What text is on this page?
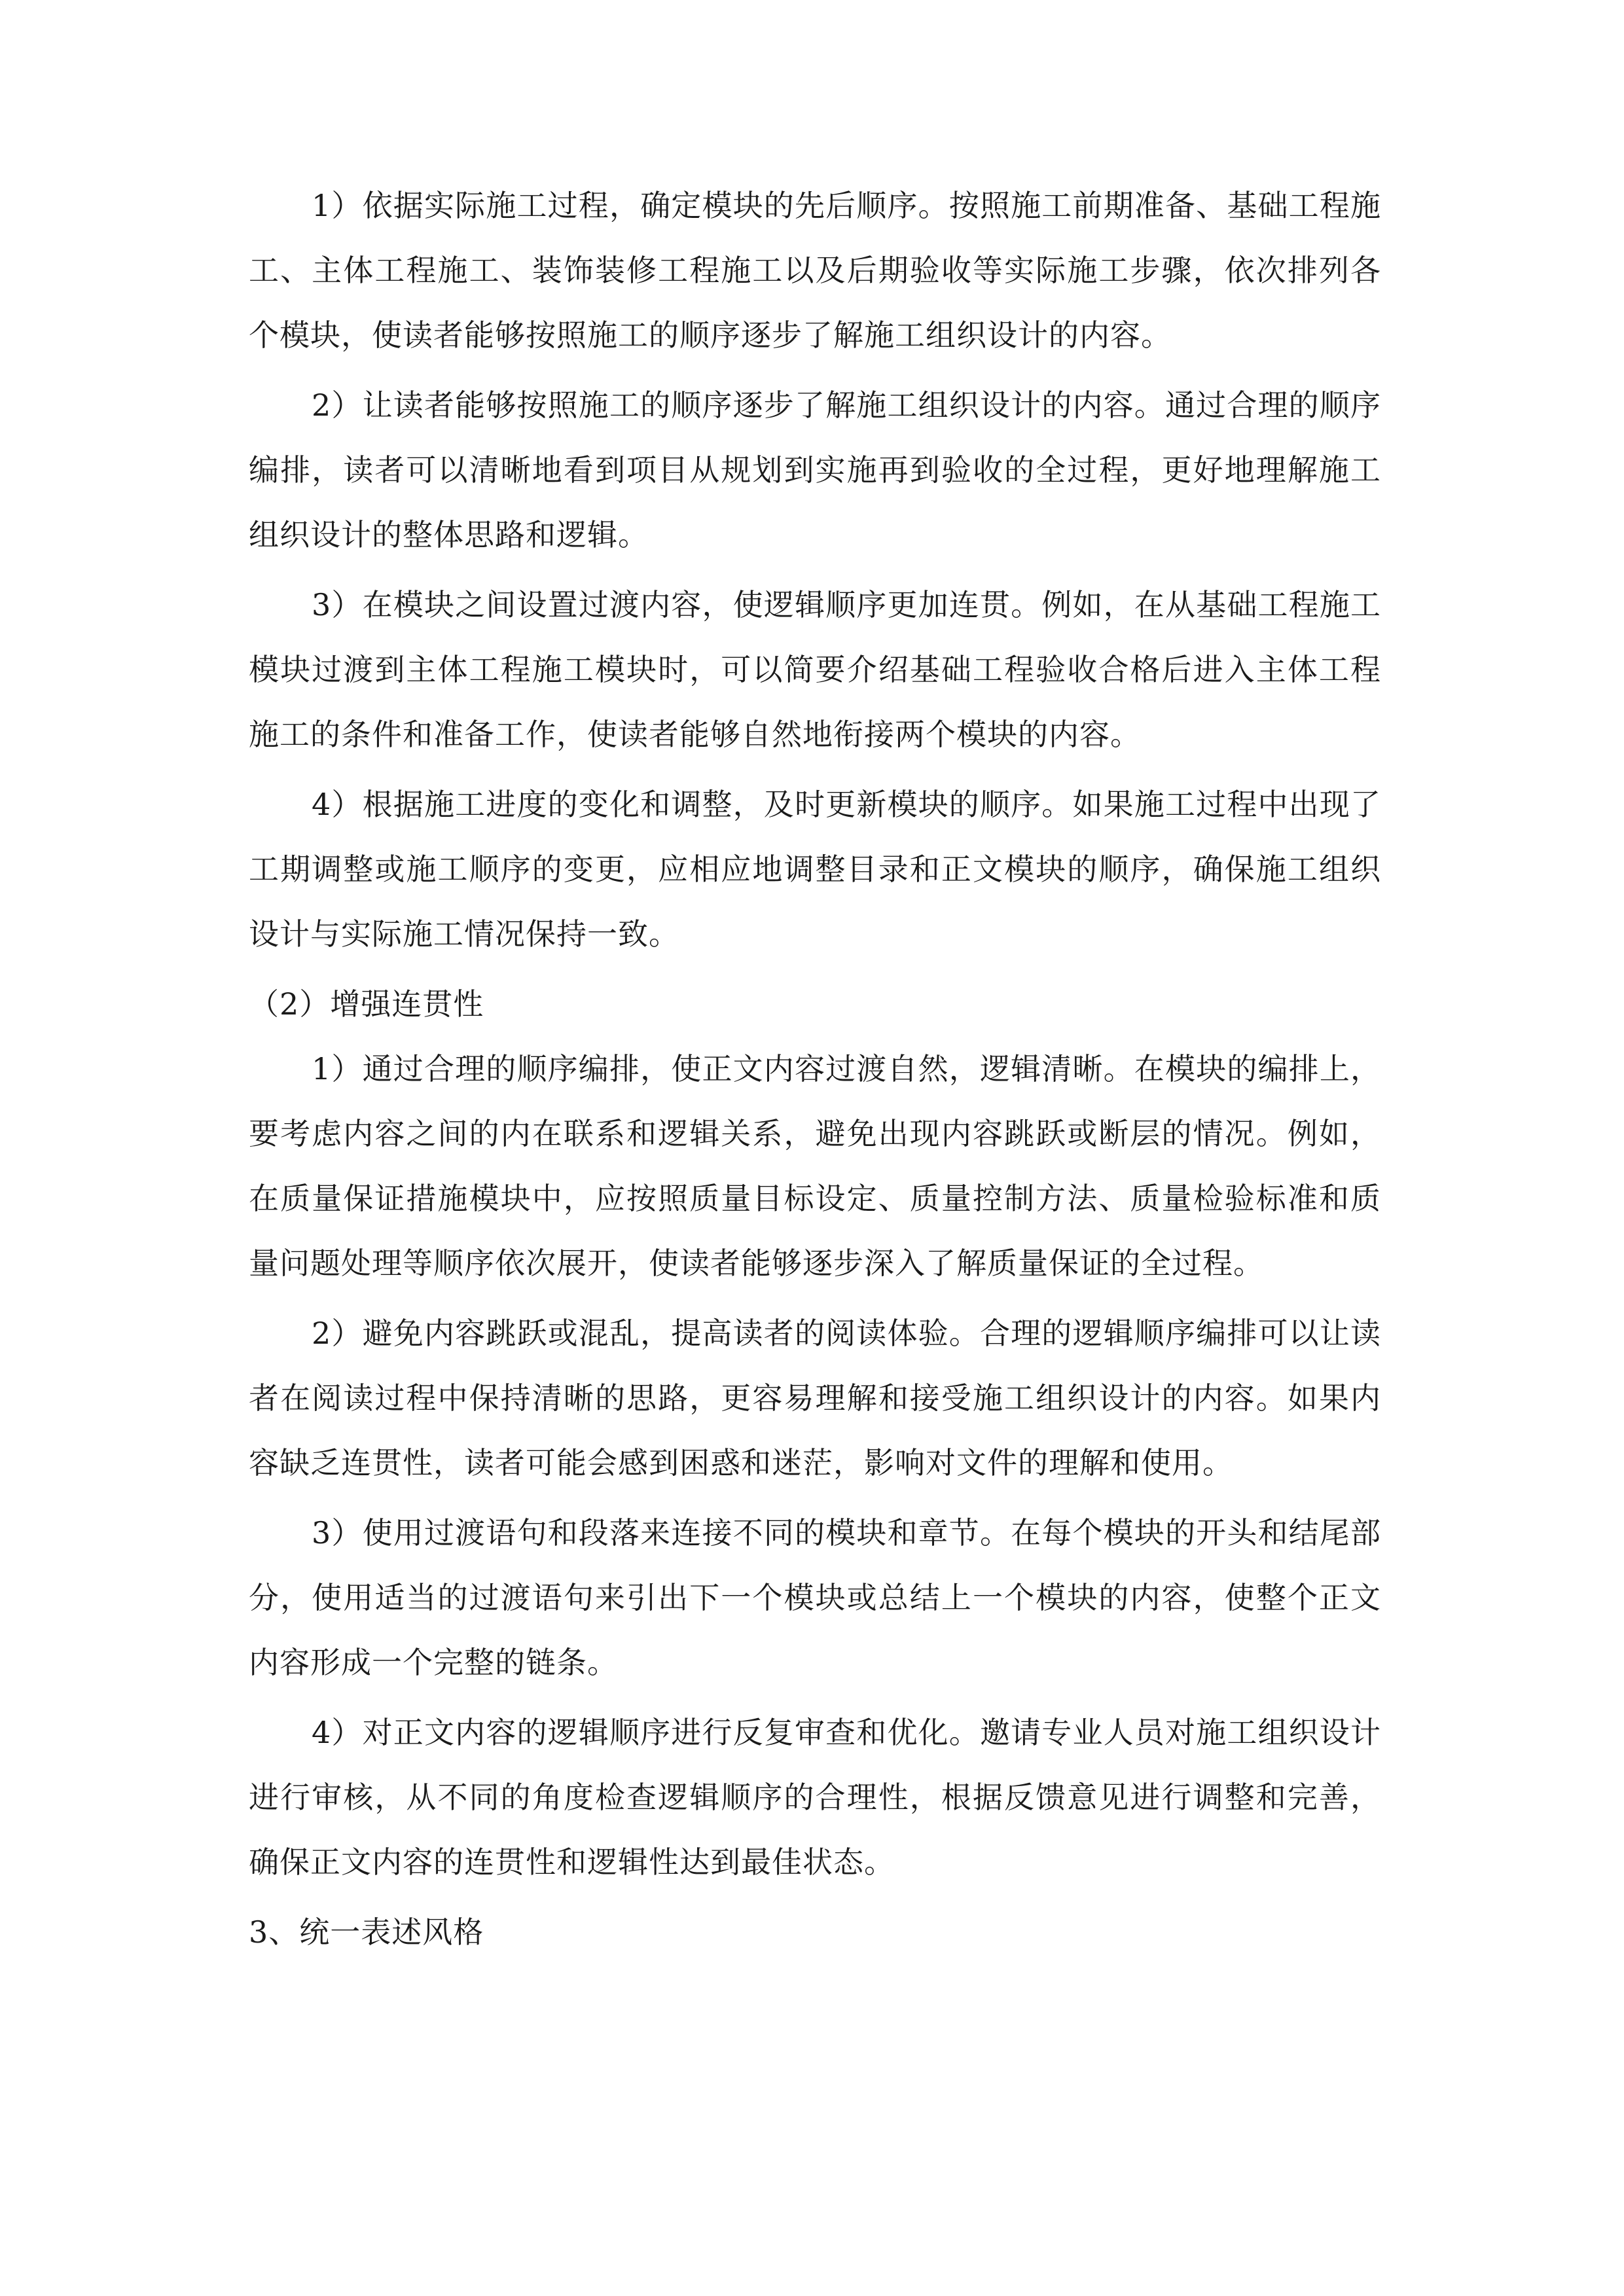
1）依据实际施工过程，确定模块的先后顺序。按照施工前期准备、基础工程施工、主体工程施工、装饰装修工程施工以及后期验收等实际施工步骤，依次排列各个模块，使读者能够按照施工的顺序逐步了解施工组织设计的内容。

2）让读者能够按照施工的顺序逐步了解施工组织设计的内容。通过合理的顺序编排，读者可以清晰地看到项目从规划到实施再到验收的全过程，更好地理解施工组织设计的整体思路和逻辑。

3）在模块之间设置过渡内容，使逻辑顺序更加连贯。例如，在从基础工程施工模块过渡到主体工程施工模块时，可以简要介绍基础工程验收合格后进入主体工程施工的条件和准备工作，使读者能够自然地衔接两个模块的内容。

4）根据施工进度的变化和调整，及时更新模块的顺序。如果施工过程中出现了工期调整或施工顺序的变更，应相应地调整目录和正文模块的顺序，确保施工组织设计与实际施工情况保持一致。

（2）增强连贯性

1）通过合理的顺序编排，使正文内容过渡自然，逻辑清晰。在模块的编排上，要考虑内容之间的内在联系和逻辑关系，避免出现内容跳跃或断层的情况。例如，在质量保证措施模块中，应按照质量目标设定、质量控制方法、质量检验标准和质量问题处理等顺序依次展开，使读者能够逐步深入了解质量保证的全过程。

2）避免内容跳跃或混乱，提高读者的阅读体验。合理的逻辑顺序编排可以让读者在阅读过程中保持清晰的思路，更容易理解和接受施工组织设计的内容。如果内容缺乏连贯性，读者可能会感到困惑和迷茫，影响对文件的理解和使用。

3）使用过渡语句和段落来连接不同的模块和章节。在每个模块的开头和结尾部分，使用适当的过渡语句来引出下一个模块或总结上一个模块的内容，使整个正文内容形成一个完整的链条。

4）对正文内容的逻辑顺序进行反复审查和优化。邀请专业人员对施工组织设计进行审核，从不同的角度检查逻辑顺序的合理性，根据反馈意见进行调整和完善，确保正文内容的连贯性和逻辑性达到最佳状态。

3、统一表述风格
